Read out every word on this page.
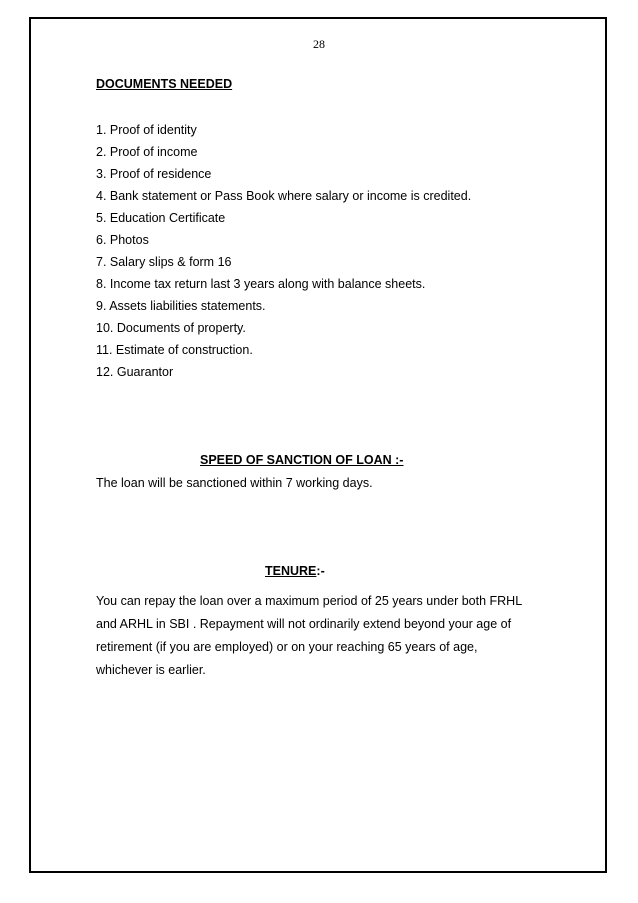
28
DOCUMENTS NEEDED
1. Proof of identity
2. Proof of income
3. Proof of residence
4. Bank statement or Pass Book where salary or income is credited.
5. Education Certificate
6. Photos
7. Salary slips & form 16
8. Income tax return last 3 years along with balance sheets.
9. Assets liabilities statements.
10. Documents of property.
11. Estimate of construction.
12. Guarantor
SPEED OF SANCTION OF LOAN :-
The loan will be sanctioned within 7 working days.
TENURE:-
You can repay the loan over a maximum period of 25 years under both FRHL
and ARHL in SBI . Repayment will not ordinarily extend beyond your age of
retirement (if you are employed) or on your reaching 65 years of age,
whichever is earlier.
